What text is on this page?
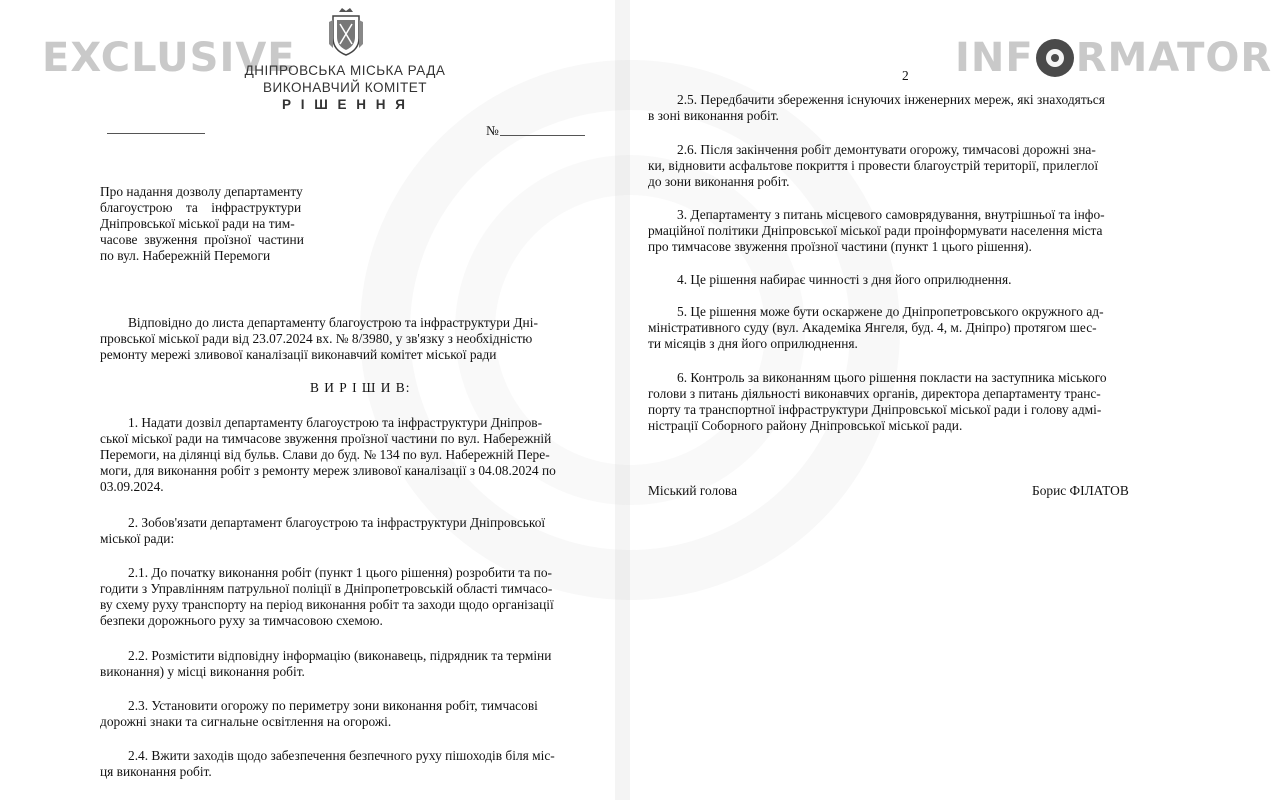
EXCLUSIVE	INF RMATOR
ДНІПРОВСЬКА МІСЬКА РАДА
ВИКОНАВЧИЙ КОМІТЕТ
Р І Ш Е Н Н Я
№
Про надання дозволу департаменту
благоустрою    та    інфраструктури
Дніпровської міської ради на тим-
часове  звуження  проїзної  частини
по вул. Набережній Перемоги
Відповідно до листа департаменту благоустрою та інфраструктури Дні-
провської міської ради від 23.07.2024 вх. № 8/3980, у зв'язку з необхідністю
ремонту мережі зливової каналізації виконавчий комітет міської ради
В И Р І Ш И В:
1. Надати дозвіл департаменту благоустрою та інфраструктури Дніпров-
ської міської ради на тимчасове звуження проїзної частини по вул. Набережній
Перемоги, на ділянці від бульв. Слави до буд. № 134 по вул. Набережній Пере-
моги, для виконання робіт з ремонту мереж зливової каналізації з 04.08.2024 по
03.09.2024.
2. Зобов'язати департамент благоустрою та інфраструктури Дніпровської
міської ради:
2.1. До початку виконання робіт (пункт 1 цього рішення) розробити та по-
годити з Управлінням патрульної поліції в Дніпропетровській області тимчасо-
ву схему руху транспорту на період виконання робіт та заходи щодо організації
безпеки дорожнього руху за тимчасовою схемою.
2.2. Розмістити відповідну інформацію (виконавець, підрядник та терміни
виконання) у місці виконання робіт.
2.3. Установити огорожу по периметру зони виконання робіт, тимчасові
дорожні знаки та сигнальне освітлення на огорожі.
2.4. Вжити заходів щодо забезпечення безпечного руху пішоходів біля міс-
ця виконання робіт.
2
2.5. Передбачити збереження існуючих інженерних мереж, які знаходяться
в зоні виконання робіт.
2.6. Після закінчення робіт демонтувати огорожу, тимчасові дорожні зна-
ки, відновити асфальтове покриття і провести благоустрій території, прилеглої
до зони виконання робіт.
3. Департаменту з питань місцевого самоврядування, внутрішньої та інфо-
рмаційної політики Дніпровської міської ради проінформувати населення міста
про тимчасове звуження проїзної частини (пункт 1 цього рішення).
4. Це рішення набирає чинності з дня його оприлюднення.
5. Це рішення може бути оскаржене до Дніпропетровського окружного ад-
міністративного суду (вул. Академіка Янгеля, буд. 4, м. Дніпро) протягом шес-
ти місяців з дня його оприлюднення.
6. Контроль за виконанням цього рішення покласти на заступника міського
голови з питань діяльності виконавчих органів, директора департаменту транс-
порту та транспортної інфраструктури Дніпровської міської ради і голову адмі-
ністрації Соборного району Дніпровської міської ради.
Міський голова	Борис ФІЛАТОВ
